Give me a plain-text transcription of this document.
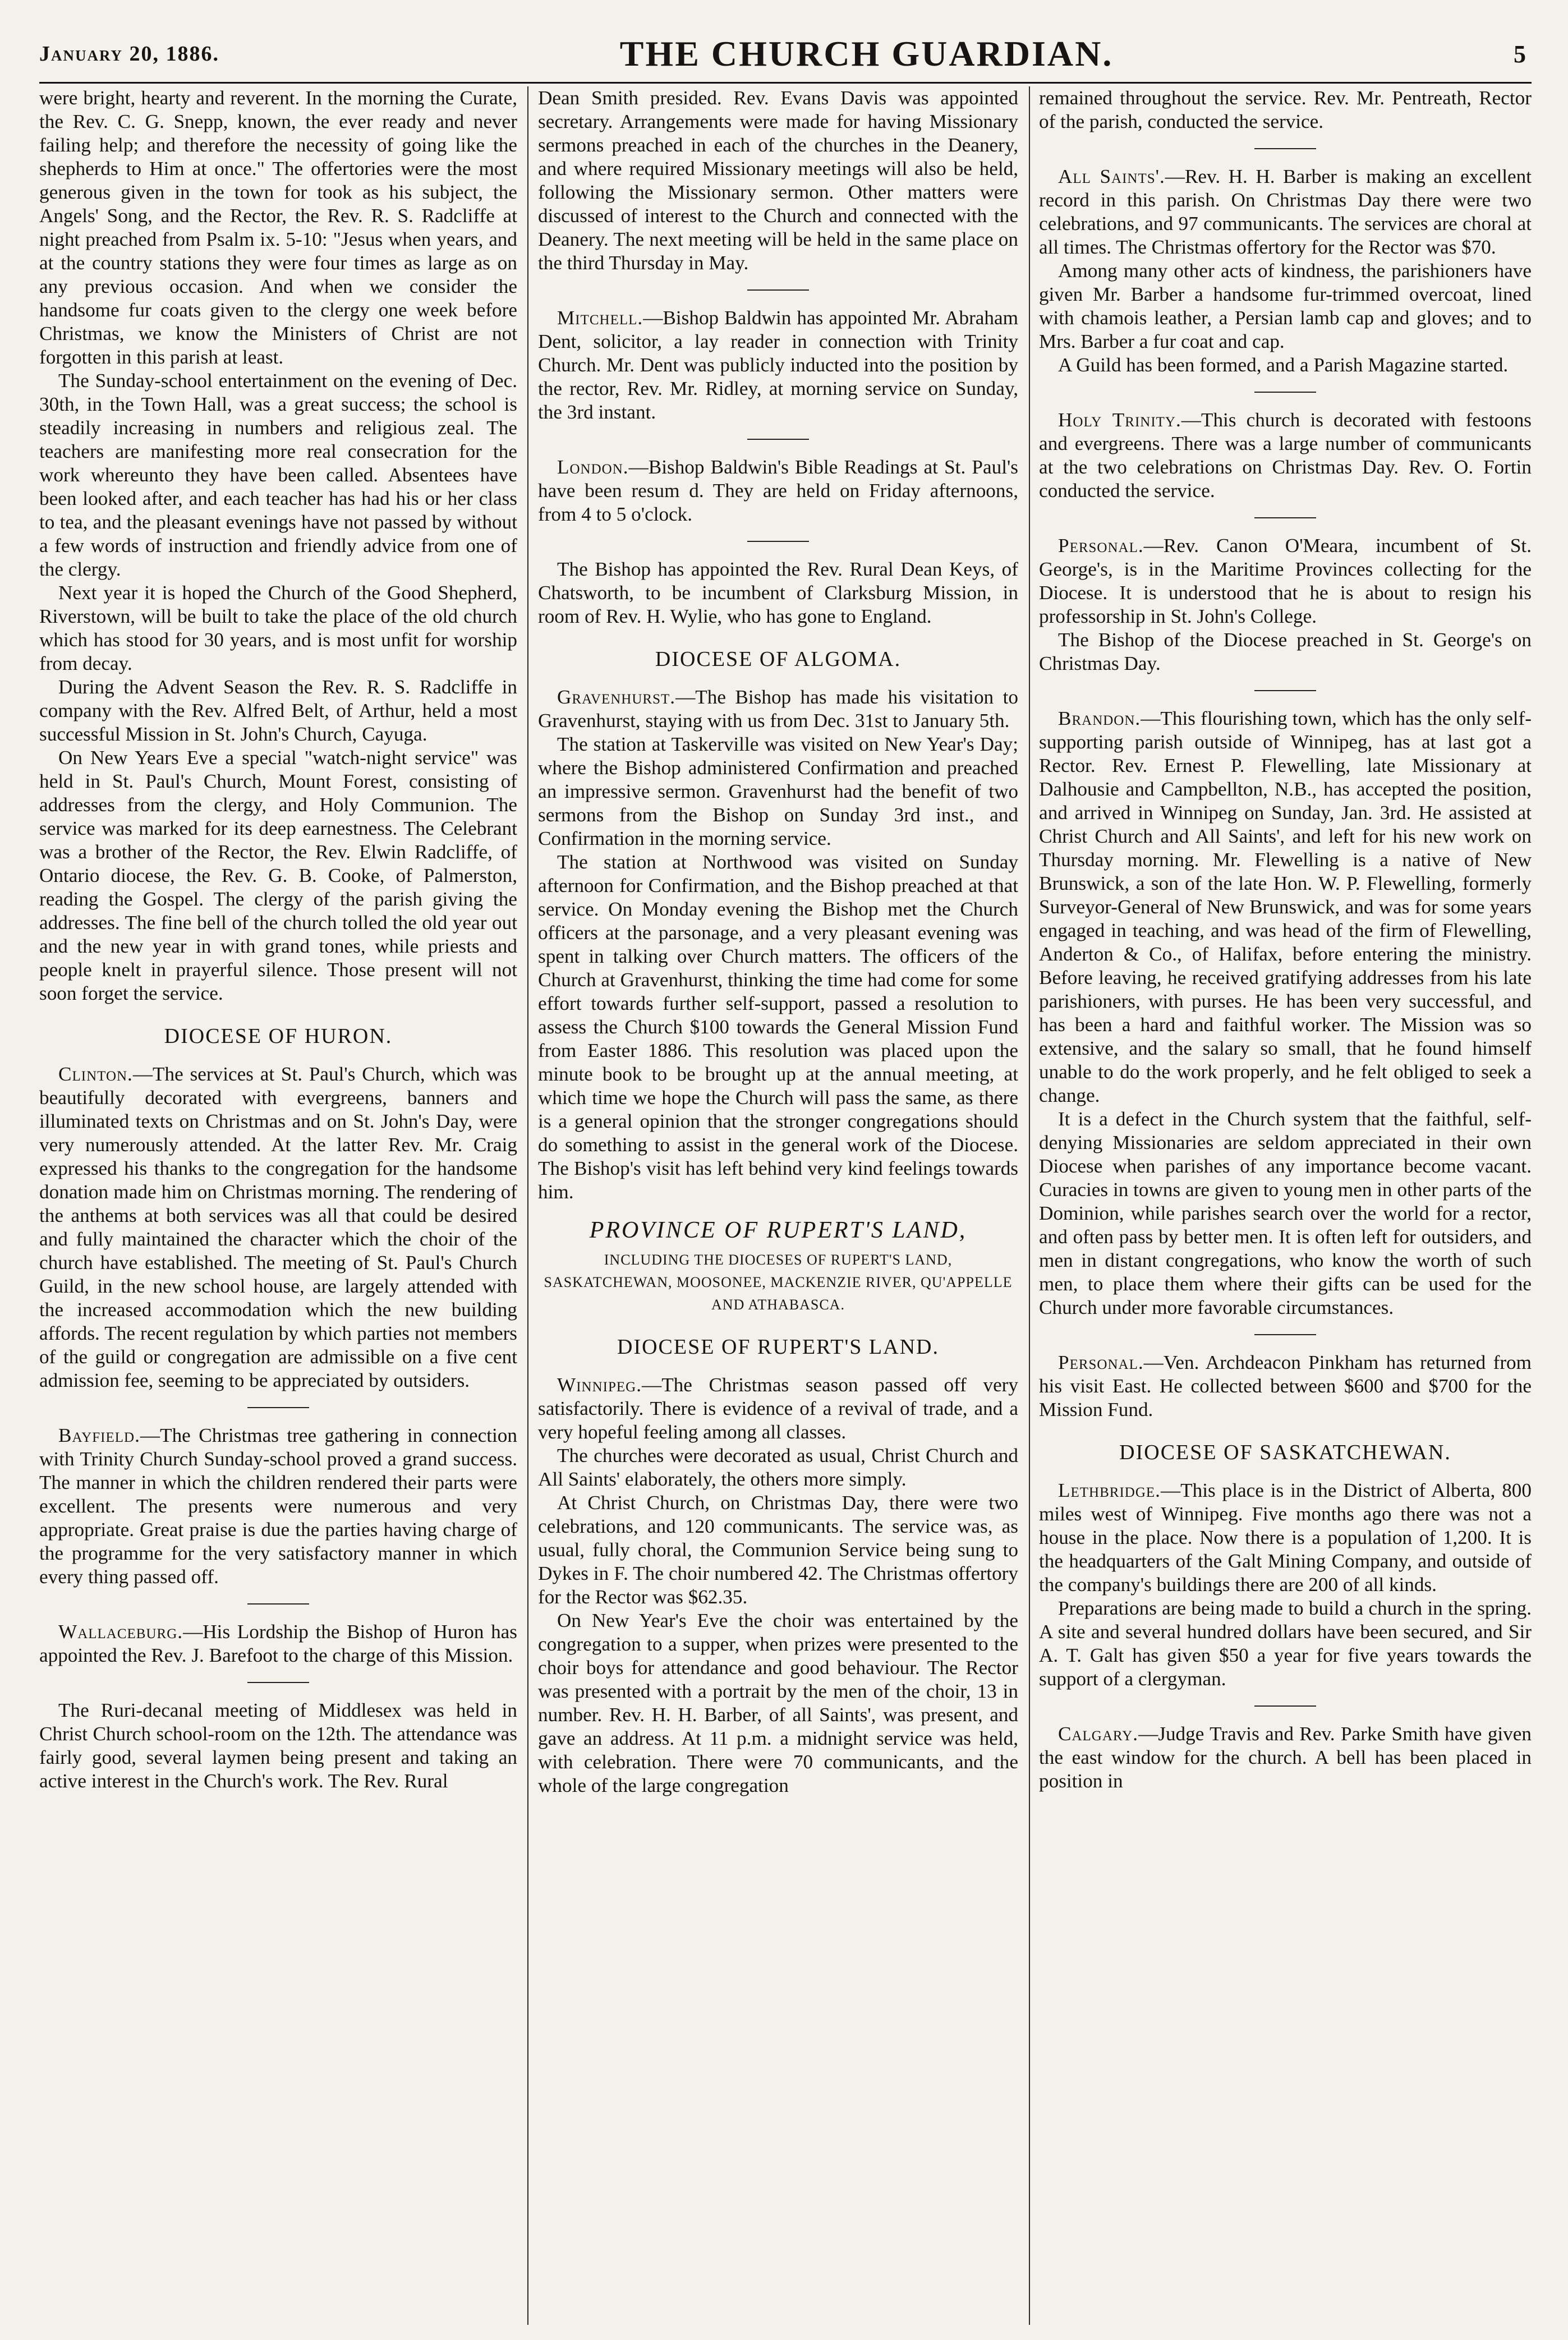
January 20, 1886.	THE CHURCH GUARDIAN.	5

were bright, hearty and reverent. In the morning the Curate, the Rev. C. G. Snepp, known, the ever ready and never failing help; and therefore the necessity of going like the shepherds to Him at once." The offertories were the most generous given in the town for took as his subject, the Angels' Song, and the Rector, the Rev. R. S. Radcliffe at night preached from Psalm ix. 5-10: "Jesus when years, and at the country stations they were four times as large as on any previous occasion. And when we consider the handsome fur coats given to the clergy one week before Christmas, we know the Ministers of Christ are not forgotten in this parish at least.

The Sunday-school entertainment on the evening of Dec. 30th, in the Town Hall, was a great success; the school is steadily increasing in numbers and religious zeal. The teachers are manifesting more real consecration for the work whereunto they have been called. Absentees have been looked after, and each teacher has had his or her class to tea, and the pleasant evenings have not passed by without a few words of instruction and friendly advice from one of the clergy.

Next year it is hoped the Church of the Good Shepherd, Riverstown, will be built to take the place of the old church which has stood for 30 years, and is most unfit for worship from decay.

During the Advent Season the Rev. R. S. Radcliffe in company with the Rev. Alfred Belt, of Arthur, held a most successful Mission in St. John's Church, Cayuga.

On New Years Eve a special "watch-night service" was held in St. Paul's Church, Mount Forest, consisting of addresses from the clergy, and Holy Communion. The service was marked for its deep earnestness. The Celebrant was a brother of the Rector, the Rev. Elwin Radcliffe, of Ontario diocese, the Rev. G. B. Cooke, of Palmerston, reading the Gospel. The clergy of the parish giving the addresses. The fine bell of the church tolled the old year out and the new year in with grand tones, while priests and people knelt in prayerful silence. Those present will not soon forget the service.

DIOCESE OF HURON.

Clinton.—The services at St. Paul's Church, which was beautifully decorated with evergreens, banners and illuminated texts on Christmas and on St. John's Day, were very numerously attended. At the latter Rev. Mr. Craig expressed his thanks to the congregation for the handsome donation made him on Christmas morning. The rendering of the anthems at both services was all that could be desired and fully maintained the character which the choir of the church have established. The meeting of St. Paul's Church Guild, in the new school house, are largely attended with the increased accommodation which the new building affords. The recent regulation by which parties not members of the guild or congregation are admissible on a five cent admission fee, seeming to be appreciated by outsiders.

Bayfield.—The Christmas tree gathering in connection with Trinity Church Sunday-school proved a grand success. The manner in which the children rendered their parts were excellent. The presents were numerous and very appropriate. Great praise is due the parties having charge of the programme for the very satisfactory manner in which every thing passed off.

Wallaceburg.—His Lordship the Bishop of Huron has appointed the Rev. J. Barefoot to the charge of this Mission.

The Ruri-decanal meeting of Middlesex was held in Christ Church school-room on the 12th. The attendance was fairly good, several laymen being present and taking an active interest in the Church's work. The Rev. Rural

Dean Smith presided. Rev. Evans Davis was appointed secretary. Arrangements were made for having Missionary sermons preached in each of the churches in the Deanery, and where required Missionary meetings will also be held, following the Missionary sermon. Other matters were discussed of interest to the Church and connected with the Deanery. The next meeting will be held in the same place on the third Thursday in May.

Mitchell.—Bishop Baldwin has appointed Mr. Abraham Dent, solicitor, a lay reader in connection with Trinity Church. Mr. Dent was publicly inducted into the position by the rector, Rev. Mr. Ridley, at morning service on Sunday, the 3rd instant.

London.—Bishop Baldwin's Bible Readings at St. Paul's have been resum d. They are held on Friday afternoons, from 4 to 5 o'clock.

The Bishop has appointed the Rev. Rural Dean Keys, of Chatsworth, to be incumbent of Clarksburg Mission, in room of Rev. H. Wylie, who has gone to England.

DIOCESE OF ALGOMA.

Gravenhurst.—The Bishop has made his visitation to Gravenhurst, staying with us from Dec. 31st to January 5th.

The station at Taskerville was visited on New Year's Day; where the Bishop administered Confirmation and preached an impressive sermon. Gravenhurst had the benefit of two sermons from the Bishop on Sunday 3rd inst., and Confirmation in the morning service.

The station at Northwood was visited on Sunday afternoon for Confirmation, and the Bishop preached at that service. On Monday evening the Bishop met the Church officers at the parsonage, and a very pleasant evening was spent in talking over Church matters. The officers of the Church at Gravenhurst, thinking the time had come for some effort towards further self-support, passed a resolution to assess the Church $100 towards the General Mission Fund from Easter 1886. This resolution was placed upon the minute book to be brought up at the annual meeting, at which time we hope the Church will pass the same, as there is a general opinion that the stronger congregations should do something to assist in the general work of the Diocese. The Bishop's visit has left behind very kind feelings towards him.

PROVINCE OF RUPERT'S LAND,
INCLUDING THE DIOCESES OF RUPERT'S LAND, SASKATCHEWAN, MOOSONEE, MACKENZIE RIVER, QU'APPELLE AND ATHABASCA.
DIOCESE OF RUPERT'S LAND.

Winnipeg.—The Christmas season passed off very satisfactorily. There is evidence of a revival of trade, and a very hopeful feeling among all classes.

The churches were decorated as usual, Christ Church and All Saints' elaborately, the others more simply.

At Christ Church, on Christmas Day, there were two celebrations, and 120 communicants. The service was, as usual, fully choral, the Communion Service being sung to Dykes in F. The choir numbered 42. The Christmas offertory for the Rector was $62.35.

On New Year's Eve the choir was entertained by the congregation to a supper, when prizes were presented to the choir boys for attendance and good behaviour. The Rector was presented with a portrait by the men of the choir, 13 in number. Rev. H. H. Barber, of all Saints', was present, and gave an address. At 11 p.m. a midnight service was held, with celebration. There were 70 communicants, and the whole of the large congregation

remained throughout the service. Rev. Mr. Pentreath, Rector of the parish, conducted the service.

All Saints'.—Rev. H. H. Barber is making an excellent record in this parish. On Christmas Day there were two celebrations, and 97 communicants. The services are choral at all times. The Christmas offertory for the Rector was $70.

Among many other acts of kindness, the parishioners have given Mr. Barber a handsome fur-trimmed overcoat, lined with chamois leather, a Persian lamb cap and gloves; and to Mrs. Barber a fur coat and cap.

A Guild has been formed, and a Parish Magazine started.

Holy Trinity.—This church is decorated with festoons and evergreens. There was a large number of communicants at the two celebrations on Christmas Day. Rev. O. Fortin conducted the service.

Personal.—Rev. Canon O'Meara, incumbent of St. George's, is in the Maritime Provinces collecting for the Diocese. It is understood that he is about to resign his professorship in St. John's College.

The Bishop of the Diocese preached in St. George's on Christmas Day.

Brandon.—This flourishing town, which has the only self-supporting parish outside of Winnipeg, has at last got a Rector. Rev. Ernest P. Flewelling, late Missionary at Dalhousie and Campbellton, N.B., has accepted the position, and arrived in Winnipeg on Sunday, Jan. 3rd. He assisted at Christ Church and All Saints', and left for his new work on Thursday morning. Mr. Flewelling is a native of New Brunswick, a son of the late Hon. W. P. Flewelling, formerly Surveyor-General of New Brunswick, and was for some years engaged in teaching, and was head of the firm of Flewelling, Anderton & Co., of Halifax, before entering the ministry. Before leaving, he received gratifying addresses from his late parishioners, with purses. He has been very successful, and has been a hard and faithful worker. The Mission was so extensive, and the salary so small, that he found himself unable to do the work properly, and he felt obliged to seek a change.

It is a defect in the Church system that the faithful, self-denying Missionaries are seldom appreciated in their own Diocese when parishes of any importance become vacant. Curacies in towns are given to young men in other parts of the Dominion, while parishes search over the world for a rector, and often pass by better men. It is often left for outsiders, and men in distant congregations, who know the worth of such men, to place them where their gifts can be used for the Church under more favorable circumstances.

Personal.—Ven. Archdeacon Pinkham has returned from his visit East. He collected between $600 and $700 for the Mission Fund.

DIOCESE OF SASKATCHEWAN.

Lethbridge.—This place is in the District of Alberta, 800 miles west of Winnipeg. Five months ago there was not a house in the place. Now there is a population of 1,200. It is the headquarters of the Galt Mining Company, and outside of the company's buildings there are 200 of all kinds.

Preparations are being made to build a church in the spring. A site and several hundred dollars have been secured, and Sir A. T. Galt has given $50 a year for five years towards the support of a clergyman.

Calgary.—Judge Travis and Rev. Parke Smith have given the east window for the church. A bell has been placed in position in
